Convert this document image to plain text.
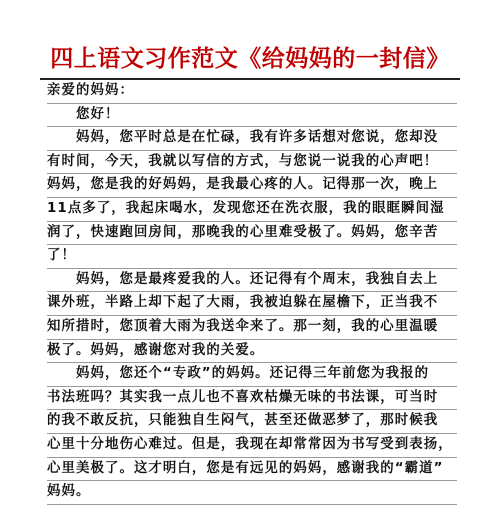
四上语文习作范文《给妈妈的一封信》
亲爱的妈妈：
　　您好！
　　妈妈，您平时总是在忙碌，我有许多话想对您说，您却没
有时间，今天，我就以写信的方式，与您说一说我的心声吧！
妈妈，您是我的好妈妈，是我最心疼的人。记得那一次，晚上
11点多了，我起床喝水，发现您还在洗衣服，我的眼眶瞬间湿
润了，快速跑回房间，那晚我的心里难受极了。妈妈，您辛苦
了！
　　妈妈，您是最疼爱我的人。还记得有个周末，我独自去上
课外班，半路上却下起了大雨，我被迫躲在屋檐下，正当我不
知所措时，您顶着大雨为我送伞来了。那一刻，我的心里温暖
极了。妈妈，感谢您对我的关爱。
　　妈妈，您还个“专政”的妈妈。还记得三年前您为我报的
书法班吗？其实我一点儿也不喜欢枯燥无味的书法课，可当时
的我不敢反抗，只能独自生闷气，甚至还做恶梦了，那时候我
心里十分地伤心难过。但是，我现在却常常因为书写受到表扬，
心里美极了。这才明白，您是有远见的妈妈，感谢我的“霸道”
妈妈。
